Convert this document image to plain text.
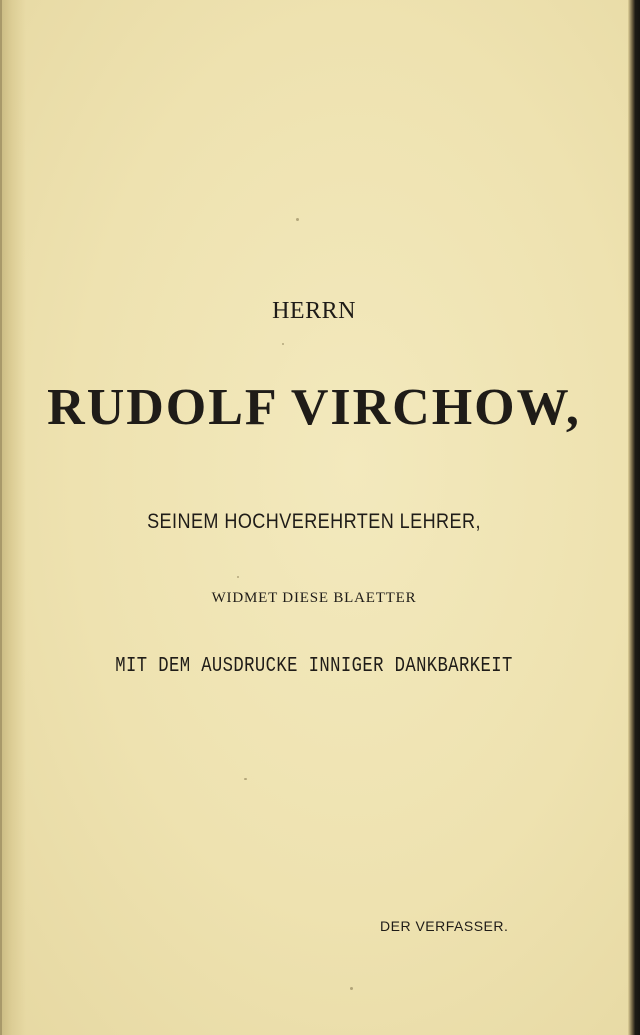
HERRN
RUDOLF VIRCHOW,
SEINEM HOCHVEREHRTEN LEHRER,
WIDMET DIESE BLAETTER
MIT DEM AUSDRUCKE INNIGER DANKBARKEIT
DER VERFASSER.
